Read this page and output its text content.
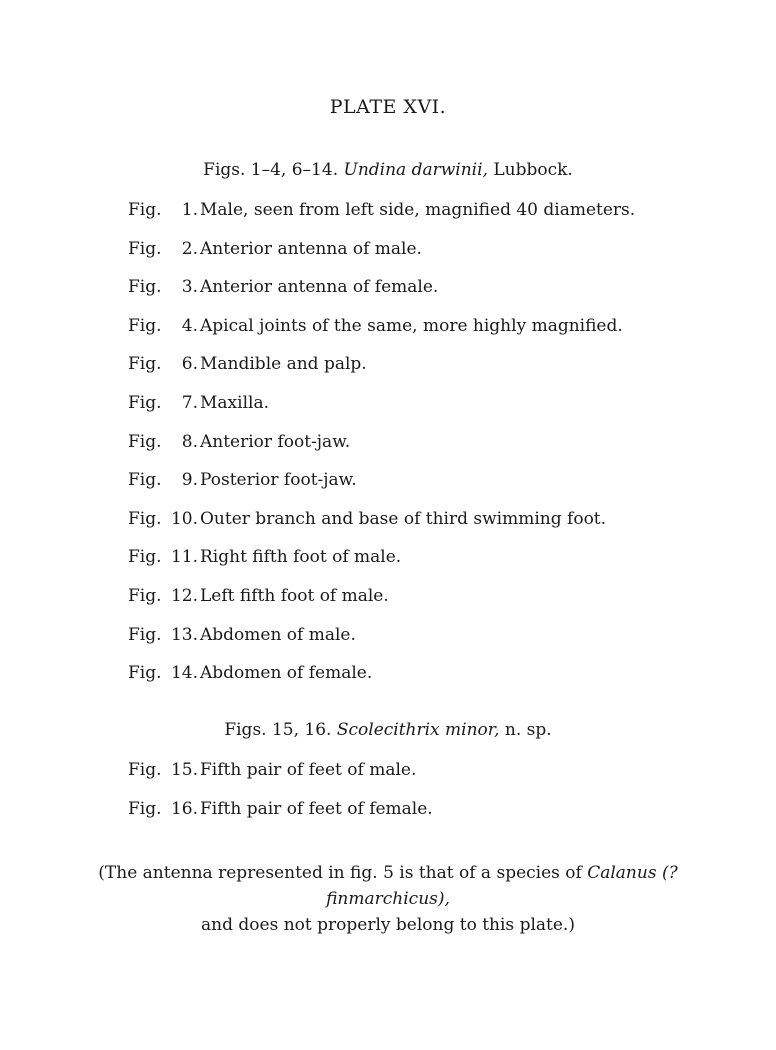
PLATE XVI.
Figs. 1–4, 6–14. Undina darwinii, Lubbock.
Fig.	1. Male, seen from left side, magnified 40 diameters.
Fig.	2. Anterior antenna of male.
Fig.	3. Anterior antenna of female.
Fig.	4. Apical joints of the same, more highly magnified.
Fig.	6. Mandible and palp.
Fig.	7. Maxilla.
Fig.	8. Anterior foot-jaw.
Fig.	9. Posterior foot-jaw.
Fig. 10. Outer branch and base of third swimming foot.
Fig. 11. Right fifth foot of male.
Fig. 12. Left fifth foot of male.
Fig. 13. Abdomen of male.
Fig. 14. Abdomen of female.
Figs. 15, 16. Scolecithrix minor, n. sp.
Fig. 15. Fifth pair of feet of male.
Fig. 16. Fifth pair of feet of female.
(The antenna represented in fig. 5 is that of a species of Calanus (?finmarchicus),
and does not properly belong to this plate.)
